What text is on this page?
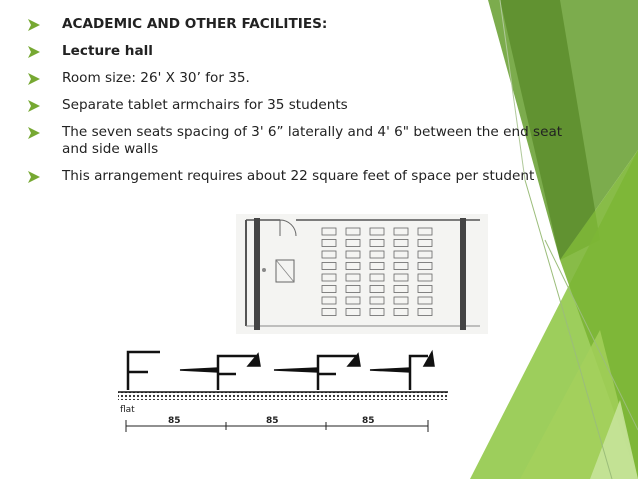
ACADEMIC AND OTHER FACILITIES:
Lecture hall
Room size: 26' X 30’ for 35.
Separate tablet armchairs for 35 students
The seven seats spacing of 3' 6” laterally and 4' 6" between the end seat and side walls
This arrangement requires about 22 square feet of space per student
flat
85	85	85
